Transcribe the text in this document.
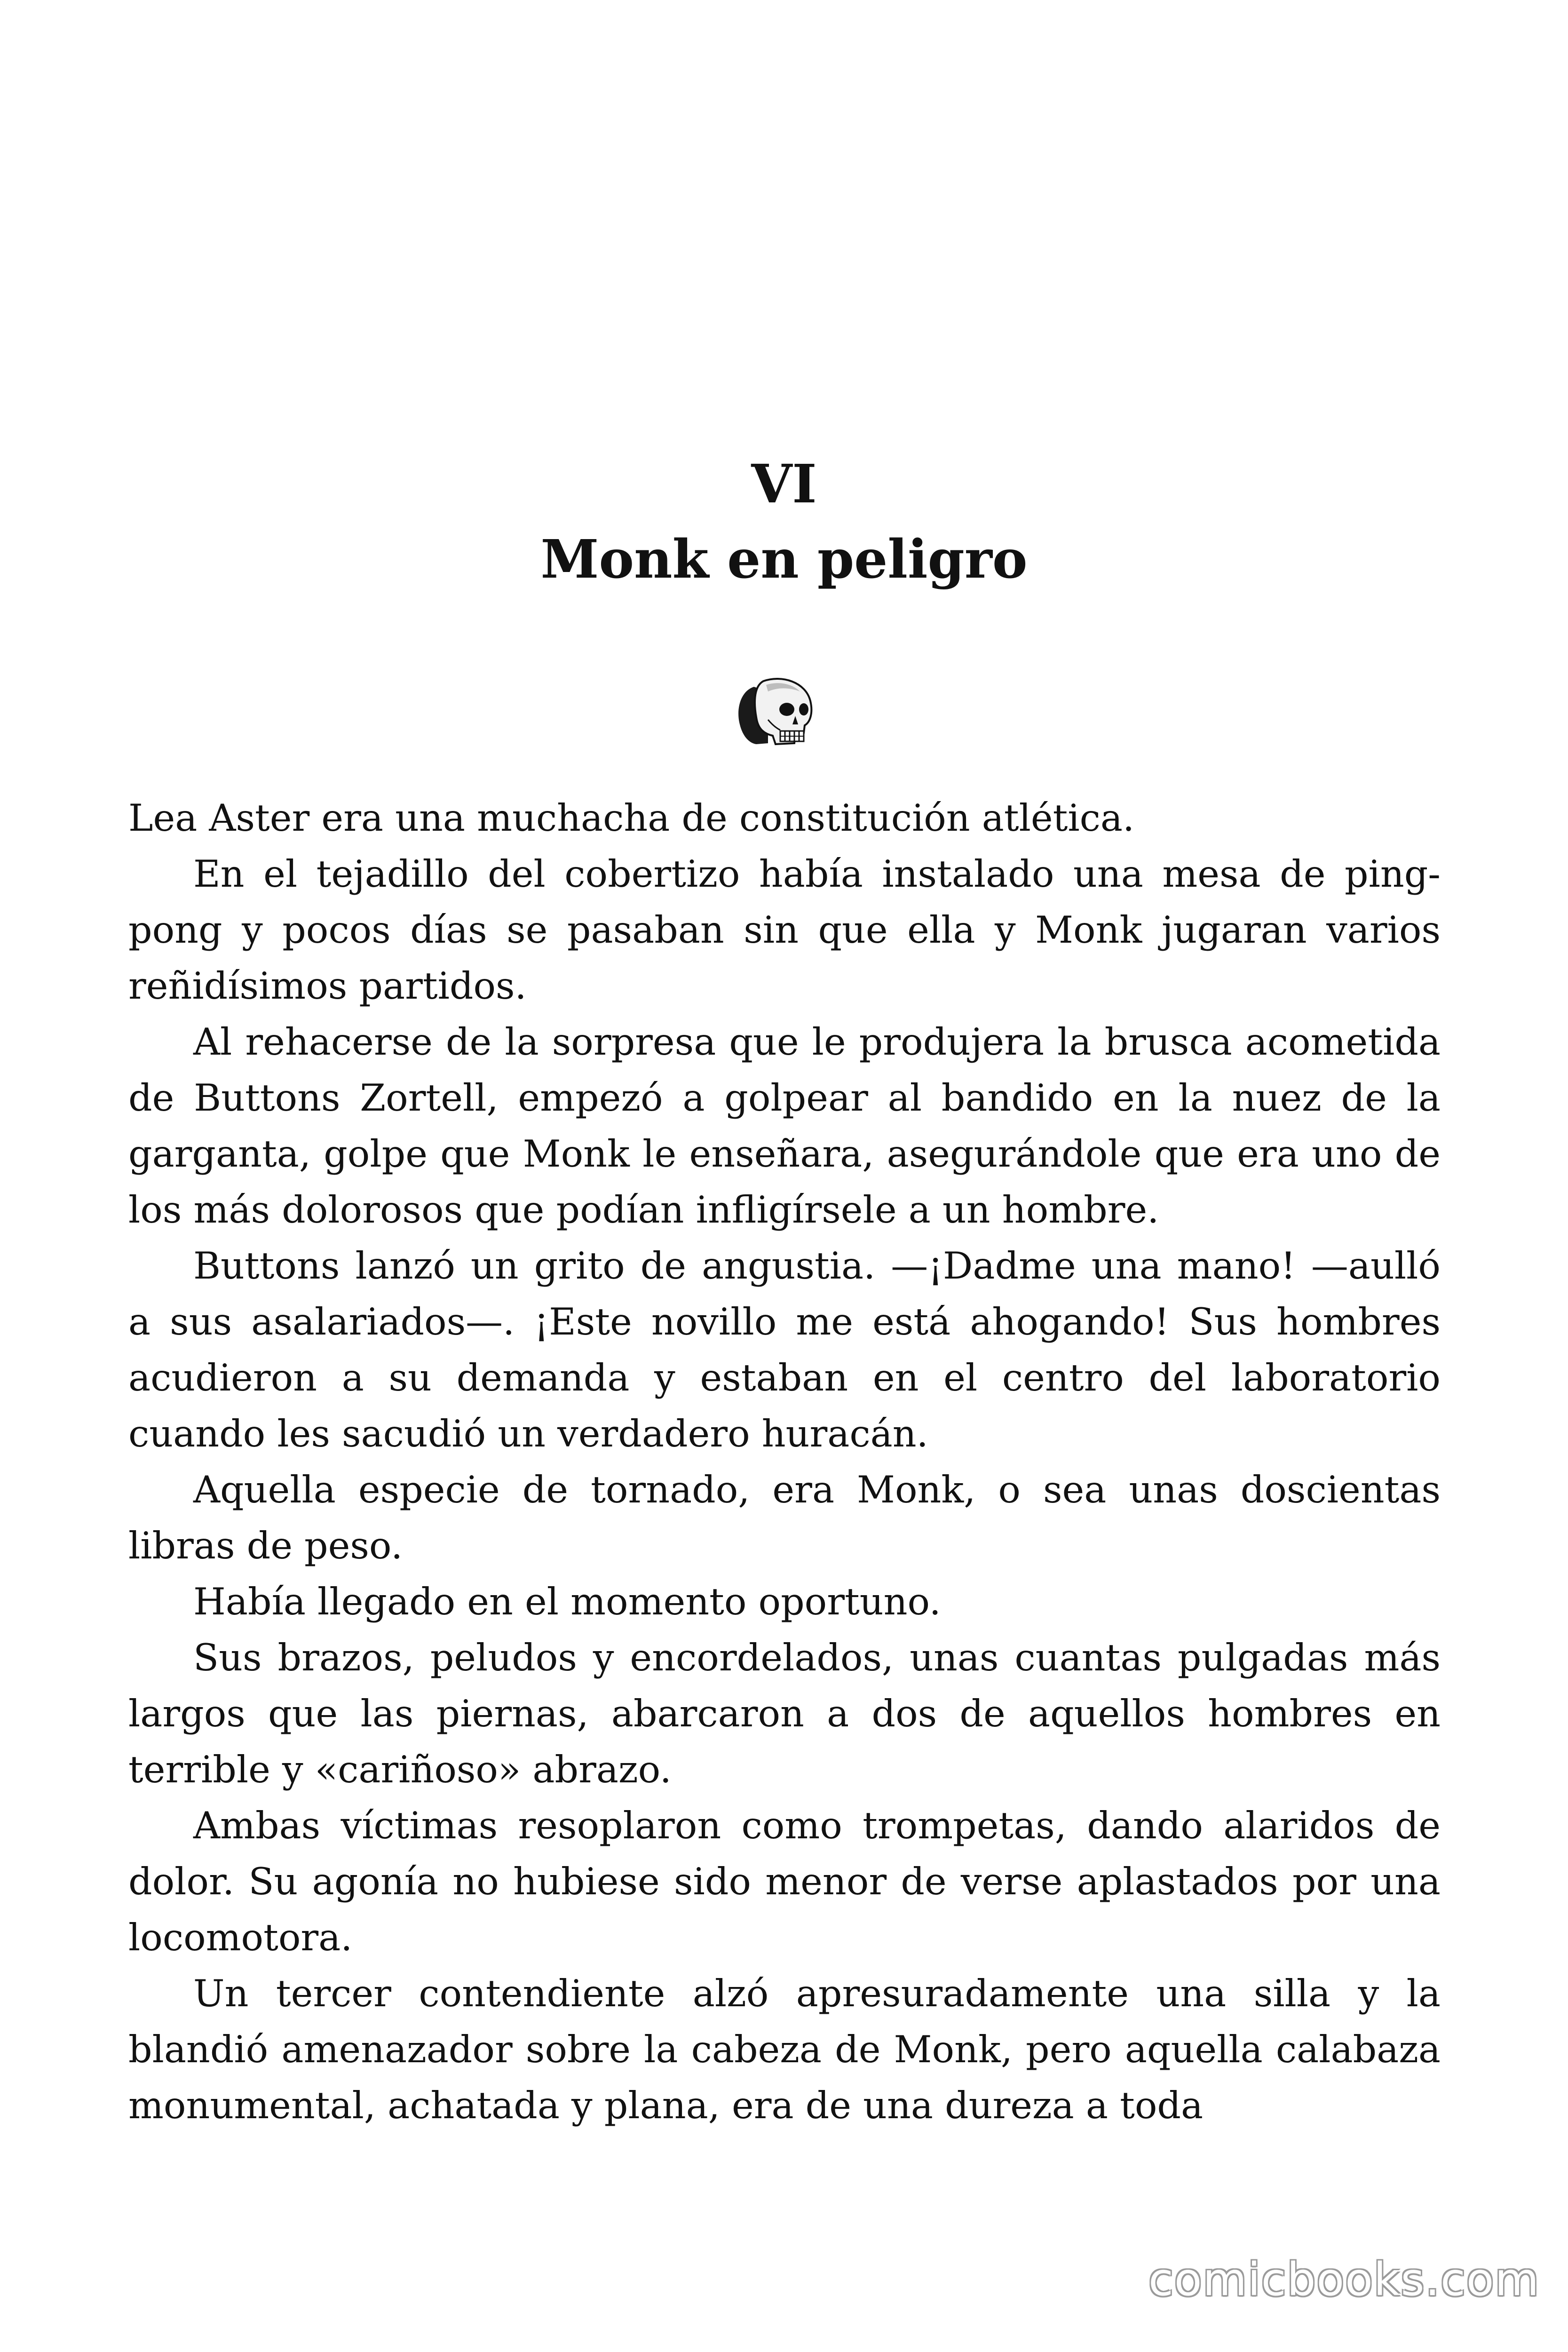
VI
Monk en peligro

Lea Aster era una muchacha de constitución atlética.

En el tejadillo del cobertizo había instalado una mesa de ping-pong y pocos días se pasaban sin que ella y Monk jugaran varios reñidísimos partidos.

Al rehacerse de la sorpresa que le produjera la brusca acometida de Buttons Zortell, empezó a golpear al bandido en la nuez de la garganta, golpe que Monk le enseñara, asegurándole que era uno de los más dolorosos que podían infligírsele a un hombre.

Buttons lanzó un grito de angustia. —¡Dadme una mano! —aulló a sus asalariados—. ¡Este novillo me está ahogando! Sus hombres acudieron a su demanda y estaban en el centro del laboratorio cuando les sacudió un verdadero huracán.

Aquella especie de tornado, era Monk, o sea unas doscientas libras de peso.

Había llegado en el momento oportuno.

Sus brazos, peludos y encordelados, unas cuantas pulgadas más largos que las piernas, abarcaron a dos de aquellos hombres en terrible y «cariñoso» abrazo.

Ambas víctimas resoplaron como trompetas, dando alaridos de dolor. Su agonía no hubiese sido menor de verse aplastados por una locomotora.

Un tercer contendiente alzó apresuradamente una silla y la blandió amenazador sobre la cabeza de Monk, pero aquella calabaza monumental, achatada y plana, era de una dureza a toda

comicbooks.com
